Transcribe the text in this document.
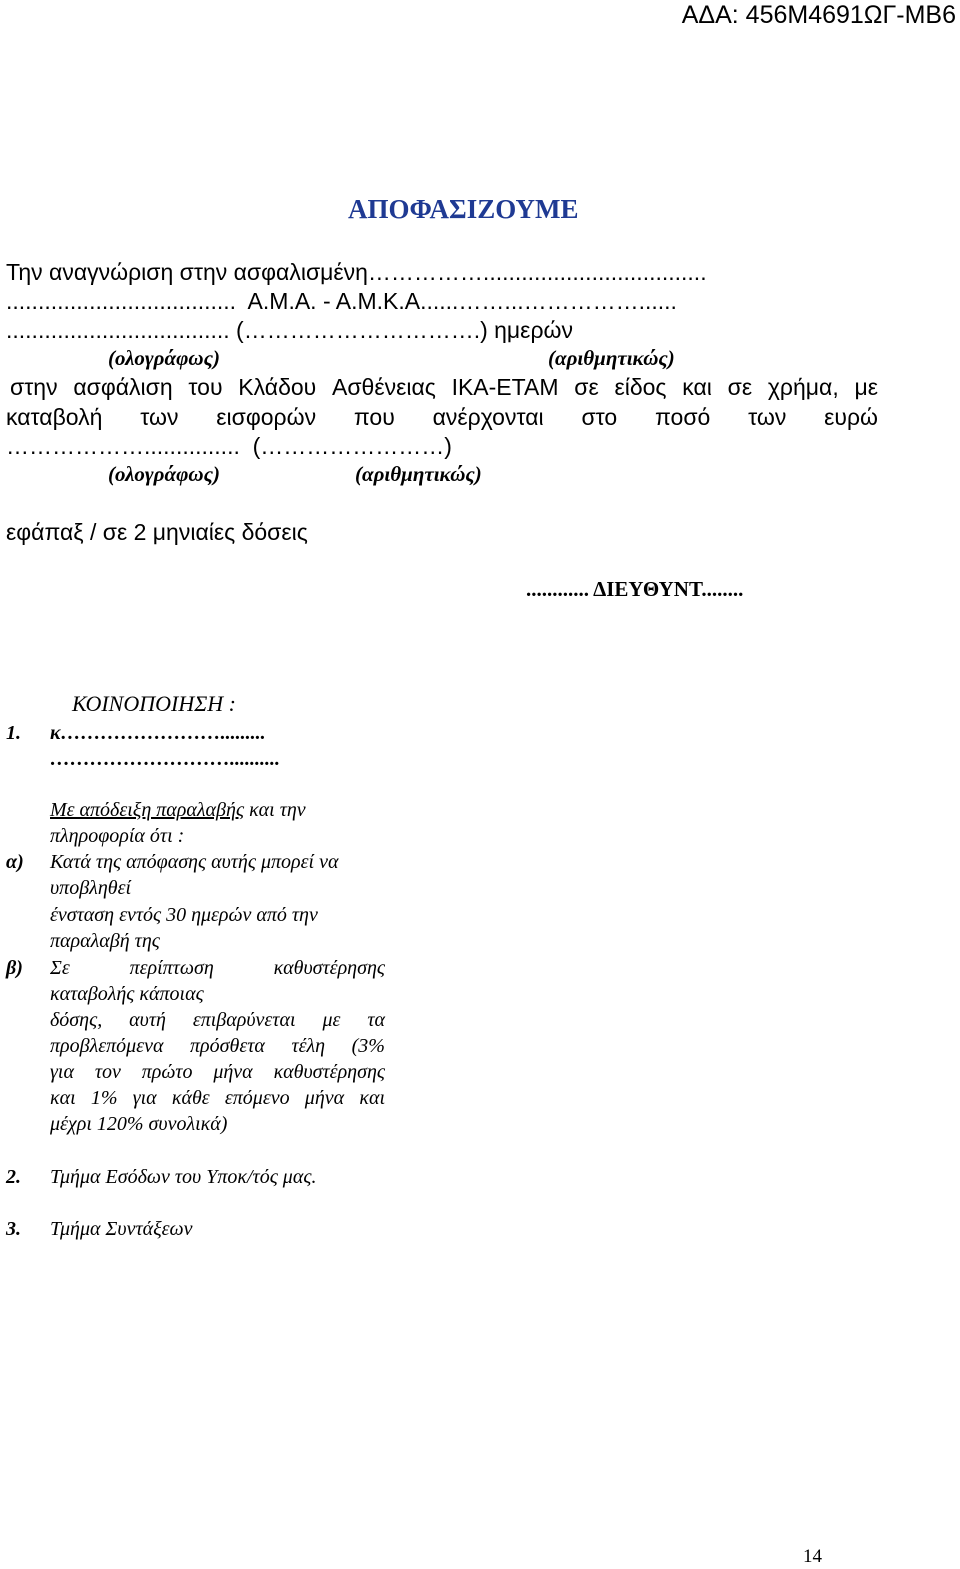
ΑΔΑ: 456Μ4691ΩΓ-ΜΒ6
ΑΠΟΦΑΣΙΖΟΥΜΕ
Την αναγνώριση στην ασφαλισμένη……………...................................
....................................  Α.Μ.Α. - Α.Μ.Κ.Α......……...……………......
................................... (………………………….) ημερών
(ολογράφως)	(αριθμητικώς)
στην ασφάλιση του Κλάδου Ασθένειας ΙΚΑ-ΕΤΑΜ σε είδος και σε χρήμα, με
καταβολή των εισφορών που ανέρχονται στο ποσό των ευρώ
………………...............  (……………………)
(ολογράφως)	(αριθμητικώς)
εφάπαξ / σε 2 μηνιαίες δόσεις
............ ΔΙΕΥΘΥΝΤ........
ΚΟΙΝΟΠΟΙΗΣΗ :
1. κ…………………….........
………………………..........
Με απόδειξη παραλαβής και την
πληροφορία ότι :
α) Κατά της απόφασης αυτής μπορεί να
υποβληθεί
ένσταση εντός 30 ημερών από την
παραλαβή της
β) Σε	περίπτωση	καθυστέρησης
καταβολής κάποιας
δόσης, αυτή επιβαρύνεται με τα
προβλεπόμενα πρόσθετα τέλη (3%
για τον πρώτο μήνα καθυστέρησης
και 1% για κάθε επόμενο μήνα και
μέχρι 120% συνολικά)
2. Τμήμα Εσόδων του Υποκ/τός μας.
3. Τμήμα Συντάξεων
14
